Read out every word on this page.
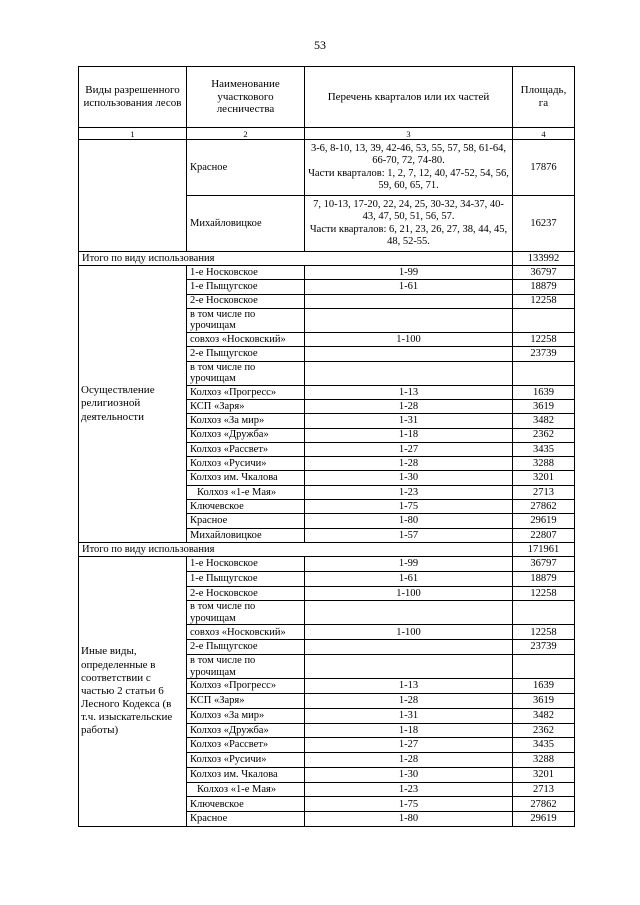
53
Виды разрешенного использования лесов	Наименование участкового лесничества	Перечень кварталов или их частей	Площадь, га
1	2	3	4
	Красное	3-6, 8-10, 13, 39, 42-46, 53, 55, 57, 58, 61-64, 66-70, 72, 74-80.
Части кварталов: 1, 2, 7, 12, 40, 47-52, 54, 56, 59, 60, 65, 71.	17876
	Михайловицкое	7, 10-13, 17-20, 22, 24, 25, 30-32, 34-37, 40-43, 47, 50, 51, 56, 57.
Части кварталов: 6, 21, 23, 26, 27, 38, 44, 45, 48, 52-55.	16237
Итого по виду использования			133992
Осуществление религиозной деятельности	1-е Носковское	1-99	36797
	1-е Пыщугское	1-61	18879
	2-е Носковское		12258
	в том числе по урочищам		
	совхоз «Носковский»	1-100	12258
	2-е Пыщугское		23739
	в том числе по урочищам		
	Колхоз «Прогресс»	1-13	1639
	КСП «Заря»	1-28	3619
	Колхоз «За мир»	1-31	3482
	Колхоз «Дружба»	1-18	2362
	Колхоз «Рассвет»	1-27	3435
	Колхоз «Русичи»	1-28	3288
	Колхоз им. Чкалова	1-30	3201
	Колхоз «1-е Мая»	1-23	2713
	Ключевское	1-75	27862
	Красное	1-80	29619
	Михайловицкое	1-57	22807
Итого по виду использования			171961
Иные виды, определенные в соответствии с частью 2 статьи 6 Лесного Кодекса (в т.ч. изыскательские работы)	1-е Носковское	1-99	36797
	1-е Пыщугское	1-61	18879
	2-е Носковское	1-100	12258
	в том числе по урочищам		
	совхоз «Носковский»	1-100	12258
	2-е Пыщугское		23739
	в том числе по урочищам		
	Колхоз «Прогресс»	1-13	1639
	КСП «Заря»	1-28	3619
	Колхоз «За мир»	1-31	3482
	Колхоз «Дружба»	1-18	2362
	Колхоз «Рассвет»	1-27	3435
	Колхоз «Русичи»	1-28	3288
	Колхоз им. Чкалова	1-30	3201
	Колхоз «1-е Мая»	1-23	2713
	Ключевское	1-75	27862
	Красное	1-80	29619
